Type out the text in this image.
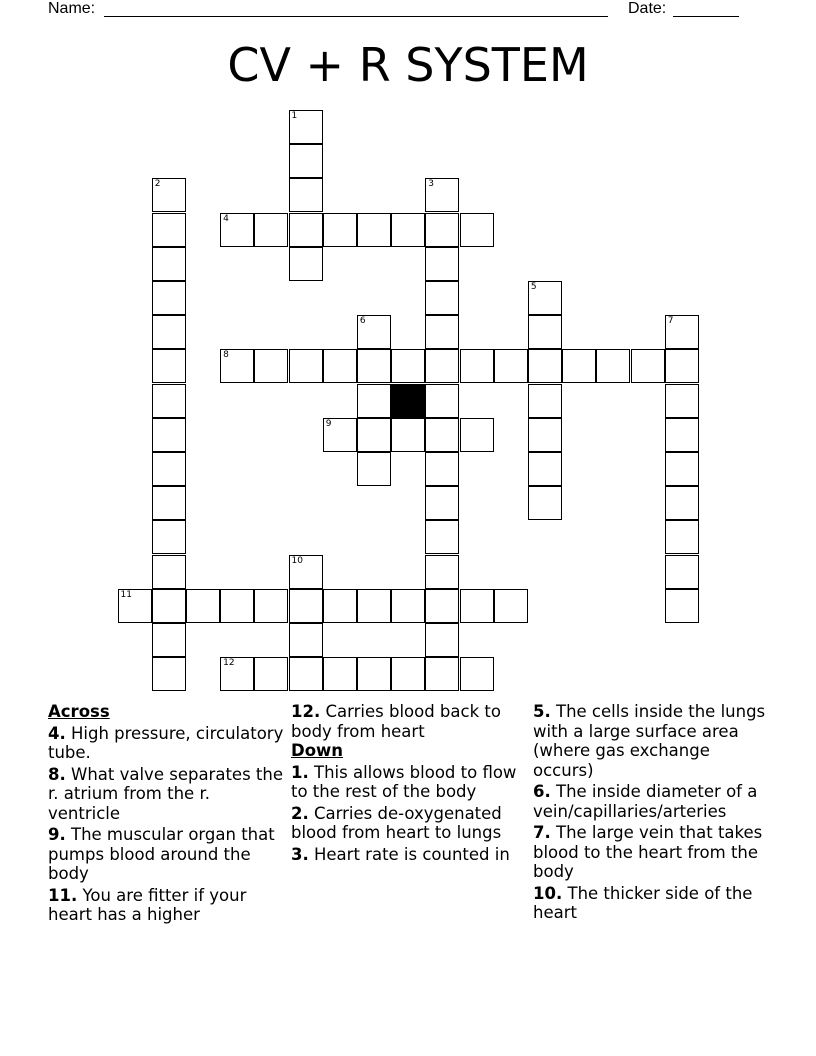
Name:	Date:
CV + R SYSTEM
1
2	3
4
5
6	7
8
9
10
11
12
Across
4. High pressure, circulatory tube.
8. What valve separates the r. atrium from the r. ventricle
9. The muscular organ that pumps blood around the body
11. You are fitter if your heart has a higher
12. Carries blood back to body from heart
Down
1. This allows blood to flow to the rest of the body
2. Carries de-oxygenated blood from heart to lungs
3. Heart rate is counted in
5. The cells inside the lungs with a large surface area (where gas exchange occurs)
6. The inside diameter of a vein/capillaries/arteries
7. The large vein that takes blood to the heart from the body
10. The thicker side of the heart
